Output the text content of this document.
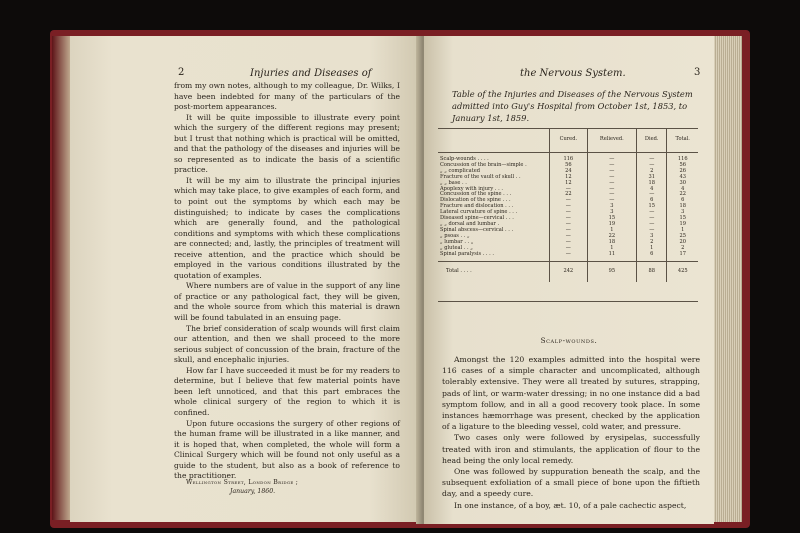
2	Injuries and Diseases of

from my own notes, although to my colleague, Dr. Wilks, I have been indebted for many of the particulars of the post-mortem appearances.

It will be quite impossible to illustrate every point which the surgery of the different regions may present; but I trust that nothing which is practical will be omitted, and that the pathology of the diseases and injuries will be so represented as to indicate the basis of a scientific practice.

It will be my aim to illustrate the principal injuries which may take place, to give examples of each form, and to point out the symptoms by which each may be distinguished; to indicate by cases the complications which are generally found, and the pathological conditions and symptoms with which these complications are connected; and, lastly, the principles of treatment will receive attention, and the practice which should be employed in the various conditions illustrated by the quotation of examples.

Where numbers are of value in the support of any line of practice or any pathological fact, they will be given, and the whole source from which this material is drawn will be found tabulated in an ensuing page.

The brief consideration of scalp wounds will first claim our attention, and then we shall proceed to the more serious subject of concussion of the brain, fracture of the skull, and encephalic injuries.

How far I have succeeded it must be for my readers to determine, but I believe that few material points have been left unnoticed, and that this part embraces the whole clinical surgery of the region to which it is confined.

Upon future occasions the surgery of other regions of the human frame will be illustrated in a like manner, and it is hoped that, when completed, the whole will form a Clinical Surgery which will be found not only useful as a guide to the student, but also as a book of reference to the practitioner.

Wellington Street, London Bridge ;
January, 1860.
the Nervous System.	3
Table of the Injuries and Diseases of the Nervous System admitted into Guy's Hospital from October 1st, 1853, to January 1st, 1859.
	Cured.	Relieved.	Died.	Total.
Scalp-wounds . . . .	116	—	—	116
Concussion of the brain—simple .	56	—	—	56
„ „ complicated	24	—	2	26
Fracture of the vault of skull . .	12	—	31	43
„ „ base . .	12	—	18	30
Apoplexy with injury . . .	—	—	4	4
Concussion of the spine . . .	22	—	—	22
Dislocation of the spine . . .	—	—	6	6
Fracture and dislocation . . .	—	3	15	18
Lateral curvature of spine . . .	—	3	—	3
Diseased spine—cervical . . .	—	15	—	15
„ „ dorsal and lumbar .	—	19	—	19
Spinal abscess—cervical . . .	—	1	—	1
„ psoas . . „	—	22	3	25
„ lumbar . . „	—	18	2	20
„ gluteal . . „	—	1	1	2
Spinal paralysis . . . .	—	11	6	17
Total . . . .	242	95	88	425
Scalp-wounds.

Amongst the 120 examples admitted into the hospital were 116 cases of a simple character and uncomplicated, although tolerably extensive. They were all treated by sutures, strapping, pads of lint, or warm-water dressing; in no one instance did a bad symptom follow, and in all a good recovery took place. In some instances hæmorrhage was present, checked by the application of a ligature to the bleeding vessel, cold water, and pressure.

Two cases only were followed by erysipelas, successfully treated with iron and stimulants, the application of flour to the head being the only local remedy.

One was followed by suppuration beneath the scalp, and the subsequent exfoliation of a small piece of bone upon the fiftieth day, and a speedy cure.

In one instance, of a boy, æt. 10, of a pale cachectic aspect,
